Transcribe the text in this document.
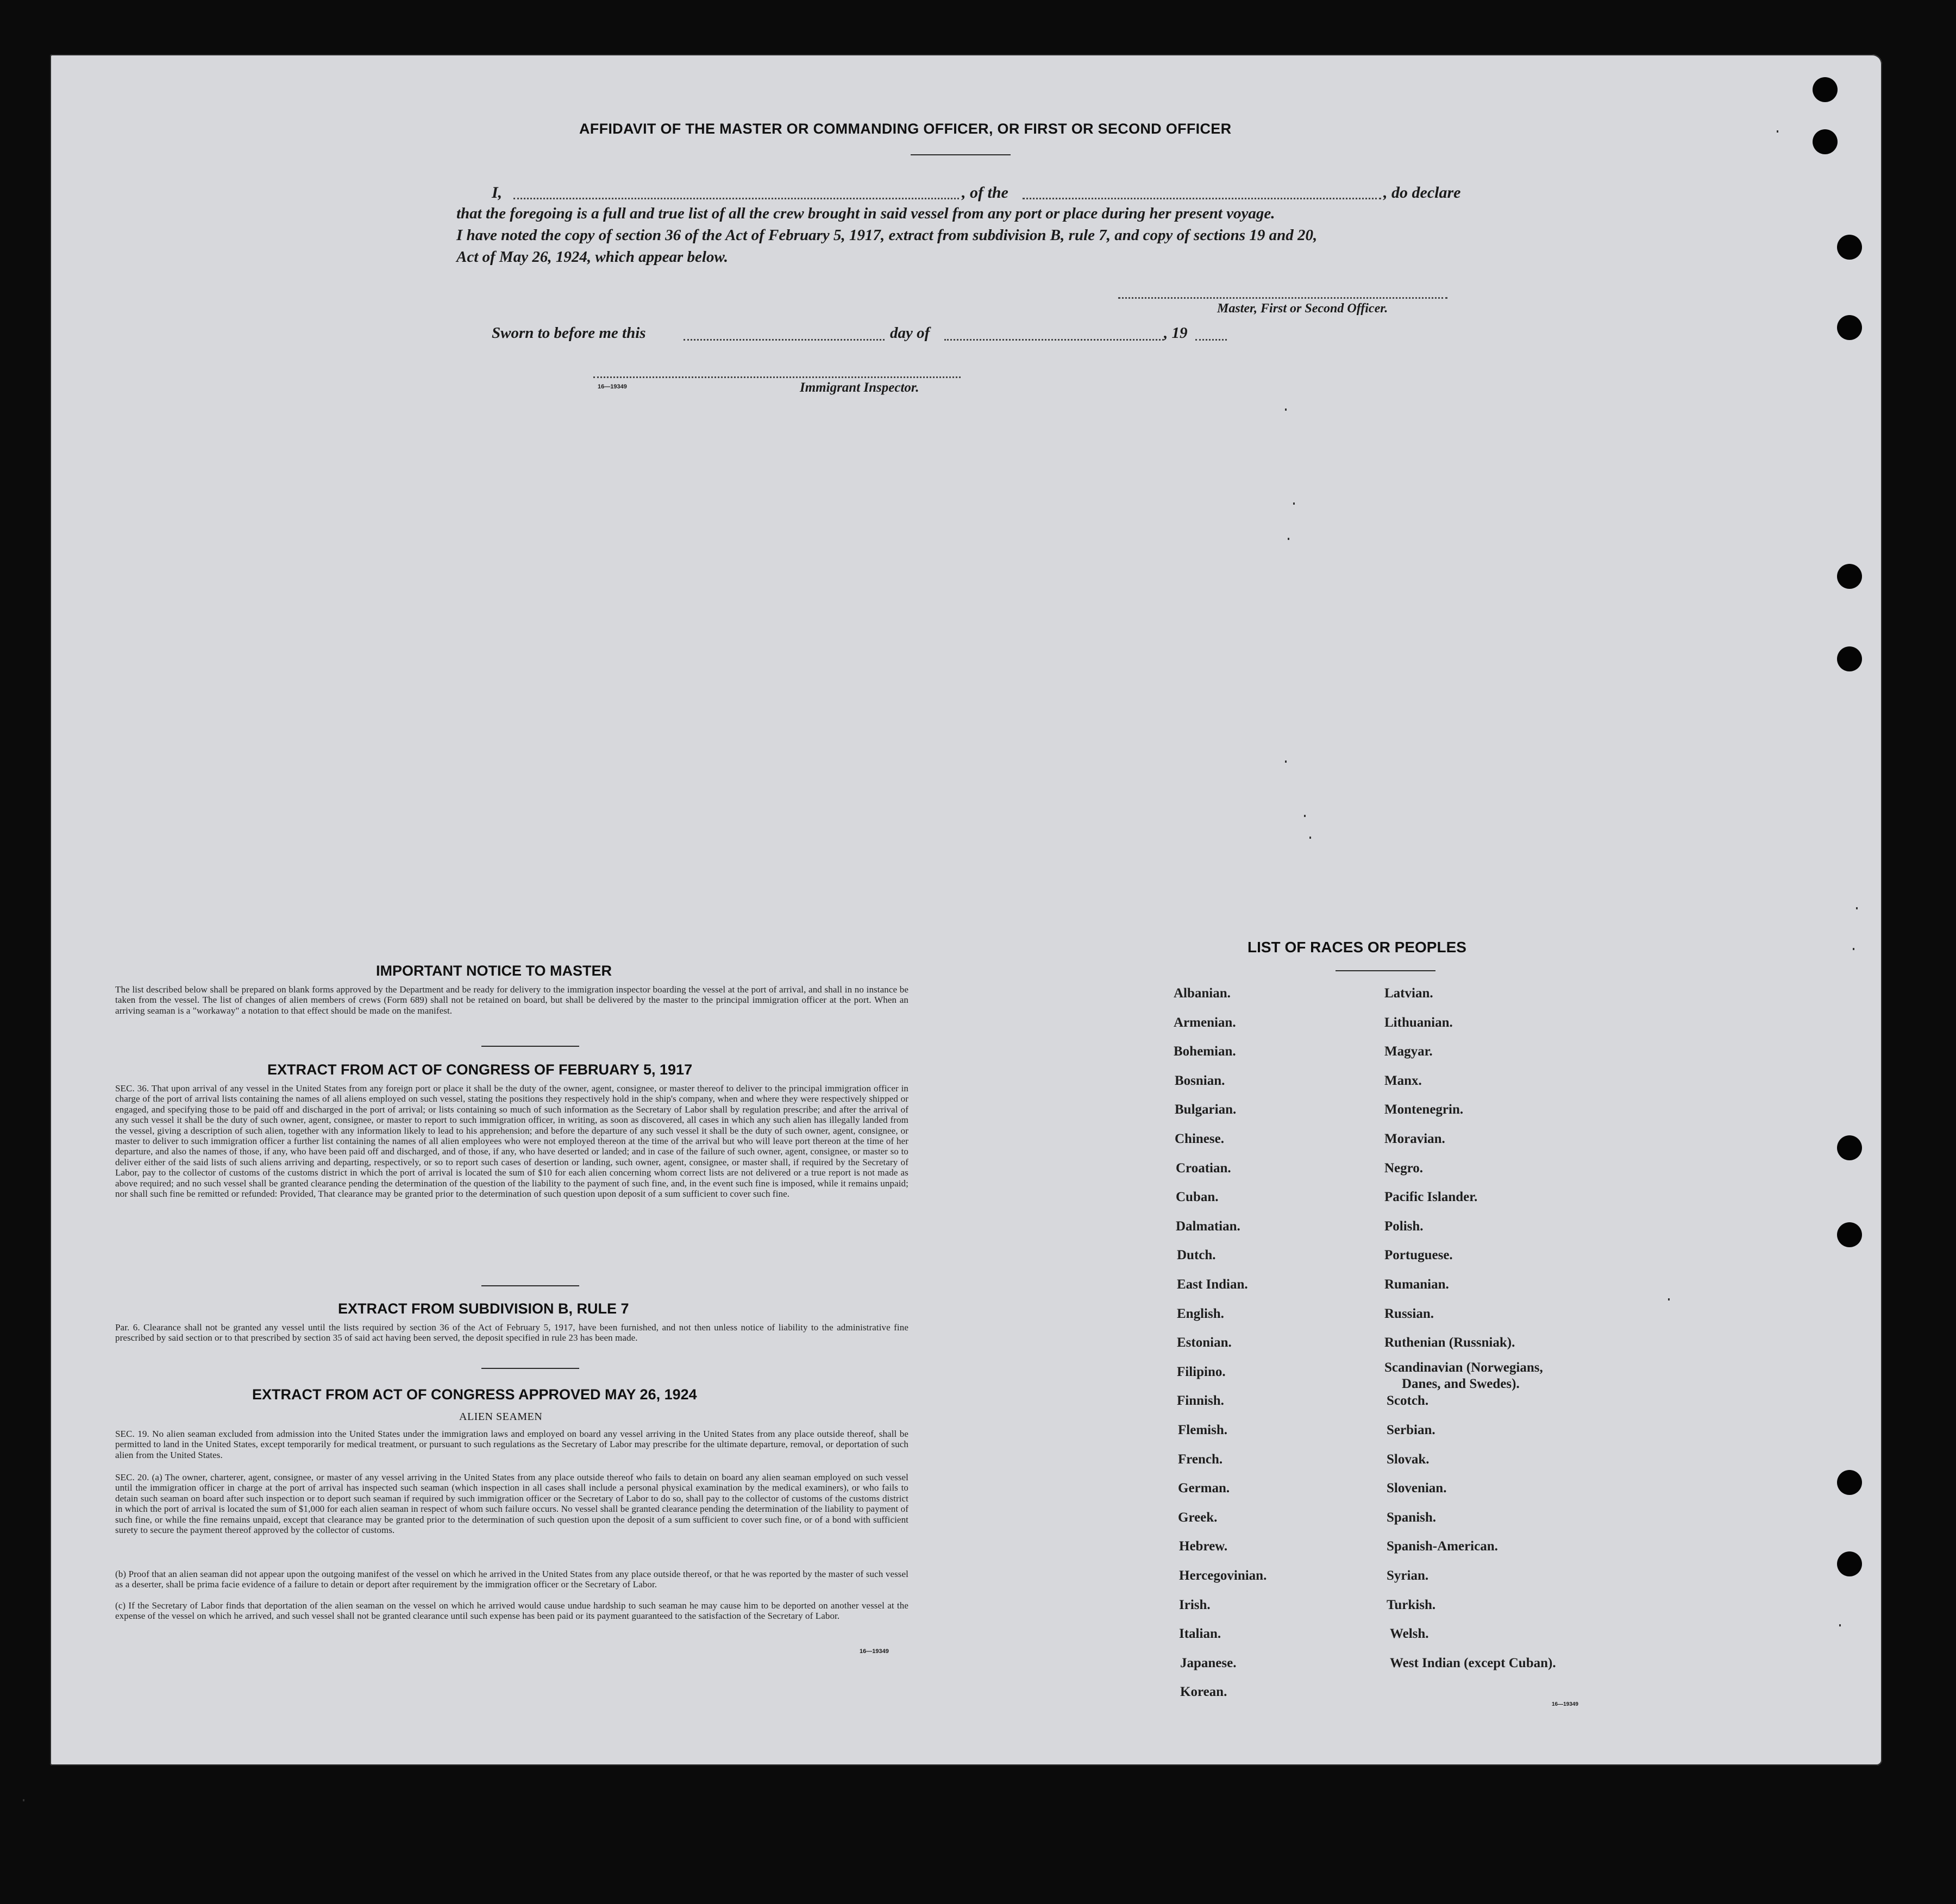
AFFIDAVIT OF THE MASTER OR COMMANDING OFFICER, OR FIRST OR SECOND OFFICER
I,	, of the	, do declare
that the foregoing is a full and true list of all the crew brought in said vessel from any port or place during her present voyage.
I have noted the copy of section 36 of the Act of February 5, 1917, extract from subdivision B, rule 7, and copy of sections 19 and 20,
Act of May 26, 1924, which appear below.
Master, First or Second Officer.
Sworn to before me this	day of	, 19
16—19349	Immigrant Inspector.
IMPORTANT NOTICE TO MASTER
The list described below shall be prepared on blank forms approved by the Department and be ready for delivery to the immigration inspector boarding the vessel at the port of arrival, and shall in no instance be taken from the vessel. The list of changes of alien members of crews (Form 689) shall not be retained on board, but shall be delivered by the master to the principal immigration officer at the port. When an arriving seaman is a "workaway" a notation to that effect should be made on the manifest.
EXTRACT FROM ACT OF CONGRESS OF FEBRUARY 5, 1917
SEC. 36. That upon arrival of any vessel in the United States from any foreign port or place it shall be the duty of the owner, agent, consignee, or master thereof to deliver to the principal immigration officer in charge of the port of arrival lists containing the names of all aliens employed on such vessel, stating the positions they respectively hold in the ship's company, when and where they were respectively shipped or engaged, and specifying those to be paid off and discharged in the port of arrival; or lists containing so much of such information as the Secretary of Labor shall by regulation prescribe; and after the arrival of any such vessel it shall be the duty of such owner, agent, consignee, or master to report to such immigration officer, in writing, as soon as discovered, all cases in which any such alien has illegally landed from the vessel, giving a description of such alien, together with any information likely to lead to his apprehension; and before the departure of any such vessel it shall be the duty of such owner, agent, consignee, or master to deliver to such immigration officer a further list containing the names of all alien employees who were not employed thereon at the time of the arrival but who will leave port thereon at the time of her departure, and also the names of those, if any, who have been paid off and discharged, and of those, if any, who have deserted or landed; and in case of the failure of such owner, agent, consignee, or master so to deliver either of the said lists of such aliens arriving and departing, respectively, or so to report such cases of desertion or landing, such owner, agent, consignee, or master shall, if required by the Secretary of Labor, pay to the collector of customs of the customs district in which the port of arrival is located the sum of $10 for each alien concerning whom correct lists are not delivered or a true report is not made as above required; and no such vessel shall be granted clearance pending the determination of the question of the liability to the payment of such fine, and, in the event such fine is imposed, while it remains unpaid; nor shall such fine be remitted or refunded: Provided, That clearance may be granted prior to the determination of such question upon deposit of a sum sufficient to cover such fine.
EXTRACT FROM SUBDIVISION B, RULE 7
Par. 6. Clearance shall not be granted any vessel until the lists required by section 36 of the Act of February 5, 1917, have been furnished, and not then unless notice of liability to the administrative fine prescribed by said section or to that prescribed by section 35 of said act having been served, the deposit specified in rule 23 has been made.
EXTRACT FROM ACT OF CONGRESS APPROVED MAY 26, 1924
ALIEN SEAMEN
SEC. 19. No alien seaman excluded from admission into the United States under the immigration laws and employed on board any vessel arriving in the United States from any place outside thereof, shall be permitted to land in the United States, except temporarily for medical treatment, or pursuant to such regulations as the Secretary of Labor may prescribe for the ultimate departure, removal, or deportation of such alien from the United States.
SEC. 20. (a) The owner, charterer, agent, consignee, or master of any vessel arriving in the United States from any place outside thereof who fails to detain on board any alien seaman employed on such vessel until the immigration officer in charge at the port of arrival has inspected such seaman (which inspection in all cases shall include a personal physical examination by the medical examiners), or who fails to detain such seaman on board after such inspection or to deport such seaman if required by such immigration officer or the Secretary of Labor to do so, shall pay to the collector of customs of the customs district in which the port of arrival is located the sum of $1,000 for each alien seaman in respect of whom such failure occurs. No vessel shall be granted clearance pending the determination of the liability to payment of such fine, or while the fine remains unpaid, except that clearance may be granted prior to the determination of such question upon the deposit of a sum sufficient to cover such fine, or of a bond with sufficient surety to secure the payment thereof approved by the collector of customs.
(b) Proof that an alien seaman did not appear upon the outgoing manifest of the vessel on which he arrived in the United States from any place outside thereof, or that he was reported by the master of such vessel as a deserter, shall be prima facie evidence of a failure to detain or deport after requirement by the immigration officer or the Secretary of Labor.
(c) If the Secretary of Labor finds that deportation of the alien seaman on the vessel on which he arrived would cause undue hardship to such seaman he may cause him to be deported on another vessel at the expense of the vessel on which he arrived, and such vessel shall not be granted clearance until such expense has been paid or its payment guaranteed to the satisfaction of the Secretary of Labor.
16—19349
LIST OF RACES OR PEOPLES
Albanian.
Armenian.
Bohemian.
Bosnian.
Bulgarian.
Chinese.
Croatian.
Cuban.
Dalmatian.
Dutch.
East Indian.
English.
Estonian.
Filipino.
Finnish.
Flemish.
French.
German.
Greek.
Hebrew.
Hercegovinian.
Irish.
Italian.
Japanese.
Korean.
Latvian.
Lithuanian.
Magyar.
Manx.
Montenegrin.
Moravian.
Negro.
Pacific Islander.
Polish.
Portuguese.
Rumanian.
Russian.
Ruthenian (Russniak).
Scandinavian (Norwegians,
Danes, and Swedes).
Scotch.
Serbian.
Slovak.
Slovenian.
Spanish.
Spanish-American.
Syrian.
Turkish.
Welsh.
West Indian (except Cuban).
16—19349
